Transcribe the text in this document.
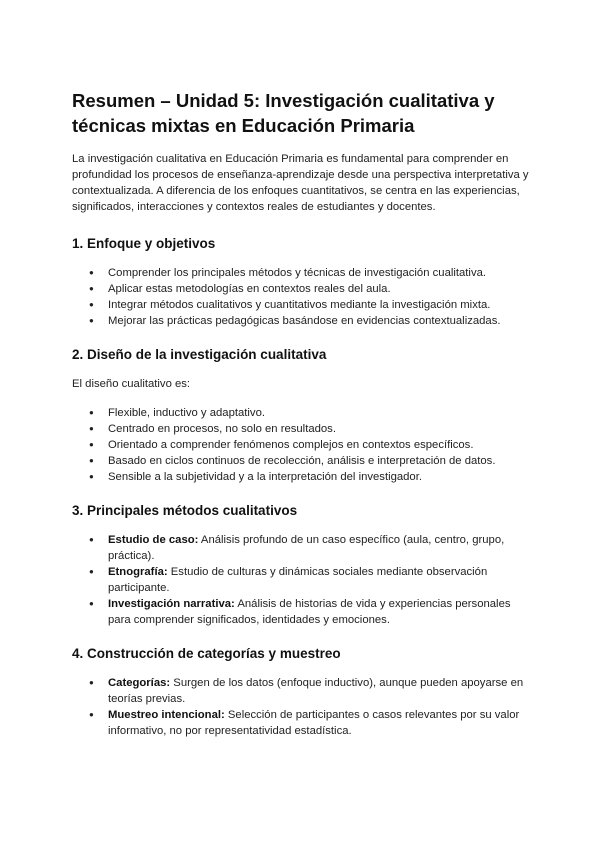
Resumen – Unidad 5: Investigación cualitativa y técnicas mixtas en Educación Primaria

La investigación cualitativa en Educación Primaria es fundamental para comprender en profundidad los procesos de enseñanza-aprendizaje desde una perspectiva interpretativa y contextualizada. A diferencia de los enfoques cuantitativos, se centra en las experiencias, significados, interacciones y contextos reales de estudiantes y docentes.

1. Enfoque y objetivos
● Comprender los principales métodos y técnicas de investigación cualitativa.
● Aplicar estas metodologías en contextos reales del aula.
● Integrar métodos cualitativos y cuantitativos mediante la investigación mixta.
● Mejorar las prácticas pedagógicas basándose en evidencias contextualizadas.
2. Diseño de la investigación cualitativa

El diseño cualitativo es:

● Flexible, inductivo y adaptativo.
● Centrado en procesos, no solo en resultados.
● Orientado a comprender fenómenos complejos en contextos específicos.
● Basado en ciclos continuos de recolección, análisis e interpretación de datos.
● Sensible a la subjetividad y a la interpretación del investigador.
3. Principales métodos cualitativos
● Estudio de caso: Análisis profundo de un caso específico (aula, centro, grupo, práctica).
● Etnografía: Estudio de culturas y dinámicas sociales mediante observación participante.
● Investigación narrativa: Análisis de historias de vida y experiencias personales para comprender significados, identidades y emociones.
4. Construcción de categorías y muestreo
● Categorías: Surgen de los datos (enfoque inductivo), aunque pueden apoyarse en teorías previas.
● Muestreo intencional: Selección de participantes o casos relevantes por su valor informativo, no por representatividad estadística.
